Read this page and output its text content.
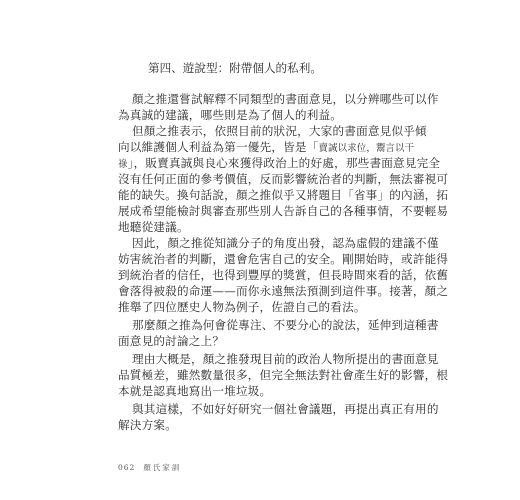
第四、遊說型：附帶個人的私利。
顏之推還嘗試解釋不同類型的書面意見，以分辨哪些可以作
為真誠的建議，哪些則是為了個人的利益。
但顏之推表示，依照目前的狀況，大家的書面意見似乎傾
向以維護個人利益為第一優先，皆是「賣誠以求位，鬻言以干
祿」，販賣真誠與良心來獲得政治上的好處，那些書面意見完全
沒有任何正面的參考價值，反而影響統治者的判斷，無法審視可
能的缺失。換句話說，顏之推似乎又將題目「省事」的內涵，拓
展成希望能檢討與審查那些別人告訴自己的各種事情，不要輕易
地聽從建議。
因此，顏之推從知識分子的角度出發，認為虛假的建議不僅
妨害統治者的判斷，還會危害自己的安全。剛開始時，或許能得
到統治者的信任，也得到豐厚的獎賞，但長時間來看的話，依舊
會落得被殺的命運——而你永遠無法預測到這件事。接著，顏之
推舉了四位歷史人物為例子，佐證自己的看法。
那麼顏之推為何會從專注、不要分心的說法，延伸到這種書
面意見的討論之上？
理由大概是，顏之推發現目前的政治人物所提出的書面意見
品質極差，雖然數量很多，但完全無法對社會產生好的影響，根
本就是認真地寫出一堆垃圾。
與其這樣，不如好好研究一個社會議題，再提出真正有用的
解決方案。
062 顏氏家訓
